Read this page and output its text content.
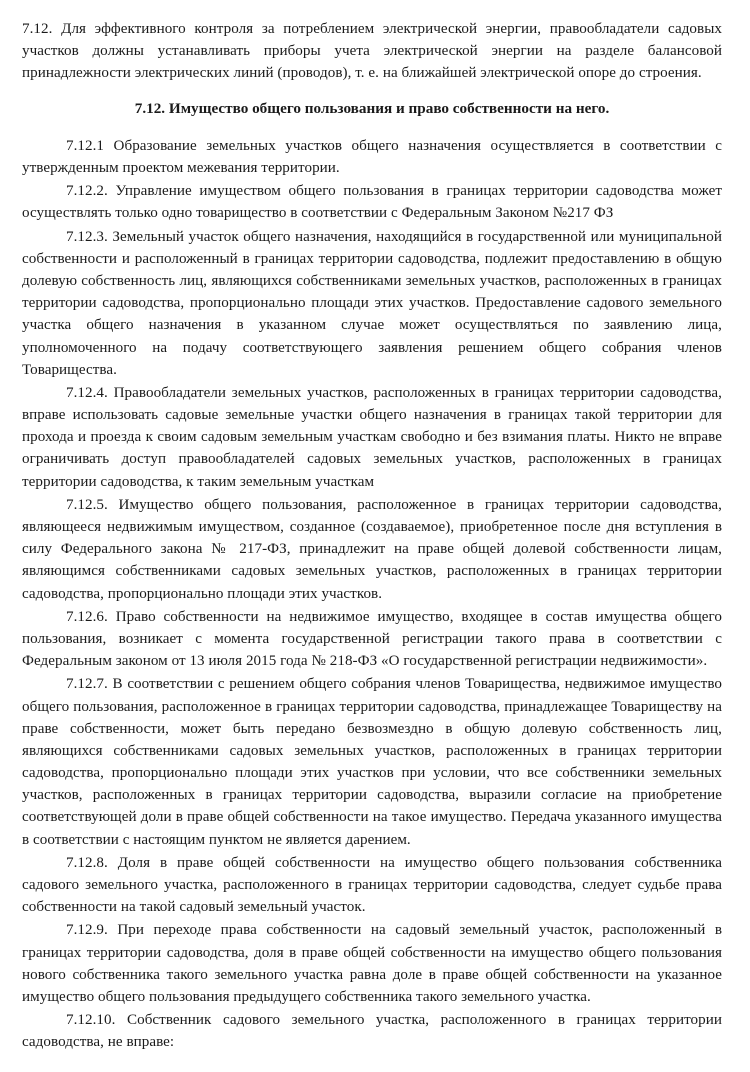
7.12. Для эффективного контроля за потреблением электрической энергии, правообладатели садовых участков должны устанавливать приборы учета электрической энергии на разделе балансовой принадлежности электрических линий (проводов), т. е. на ближайшей электрической опоре до строения.

7.12. Имущество общего пользования и право собственности на него.

7.12.1 Образование земельных участков общего назначения осуществляется в соответствии с утвержденным проектом межевания территории.

7.12.2. Управление имуществом общего пользования в границах территории садоводства может осуществлять только одно товарищество в соответствии с Федеральным Законом №217 ФЗ

7.12.3. Земельный участок общего назначения, находящийся в государственной или муниципальной собственности и расположенный в границах территории садоводства, подлежит предоставлению в общую долевую собственность лиц, являющихся собственниками земельных участков, расположенных в границах территории садоводства, пропорционально площади этих участков. Предоставление садового земельного участка общего назначения в указанном случае может осуществляться по заявлению лица, уполномоченного на подачу соответствующего заявления решением общего собрания членов Товарищества.

7.12.4. Правообладатели земельных участков, расположенных в границах территории садоводства, вправе использовать садовые земельные участки общего назначения в границах такой территории для прохода и проезда к своим садовым земельным участкам свободно и без взимания платы. Никто не вправе ограничивать доступ правообладателей садовых земельных участков, расположенных в границах территории садоводства, к таким земельным участкам

7.12.5. Имущество общего пользования, расположенное в границах территории садоводства, являющееся недвижимым имуществом, созданное (создаваемое), приобретенное после дня вступления в силу Федерального закона № 217-ФЗ, принадлежит на праве общей долевой собственности лицам, являющимся собственниками садовых земельных участков, расположенных в границах территории садоводства, пропорционально площади этих участков.

7.12.6. Право собственности на недвижимое имущество, входящее в состав имущества общего пользования, возникает с момента государственной регистрации такого права в соответствии с Федеральным законом от 13 июля 2015 года № 218-ФЗ «О государственной регистрации недвижимости».

7.12.7. В соответствии с решением общего собрания членов Товарищества, недвижимое имущество общего пользования, расположенное в границах территории садоводства, принадлежащее Товариществу на праве собственности, может быть передано безвозмездно в общую долевую собственность лиц, являющихся собственниками садовых земельных участков, расположенных в границах территории садоводства, пропорционально площади этих участков при условии, что все собственники земельных участков, расположенных в границах территории садоводства, выразили согласие на приобретение соответствующей доли в праве общей собственности на такое имущество. Передача указанного имущества в соответствии с настоящим пунктом не является дарением.

7.12.8. Доля в праве общей собственности на имущество общего пользования собственника садового земельного участка, расположенного в границах территории садоводства, следует судьбе права собственности на такой садовый земельный участок.

7.12.9. При переходе права собственности на садовый земельный участок, расположенный в границах территории садоводства, доля в праве общей собственности на имущество общего пользования нового собственника такого земельного участка равна доле в праве общей собственности на указанное имущество общего пользования предыдущего собственника такого земельного участка.

7.12.10. Собственник садового земельного участка, расположенного в границах территории садоводства, не вправе:
